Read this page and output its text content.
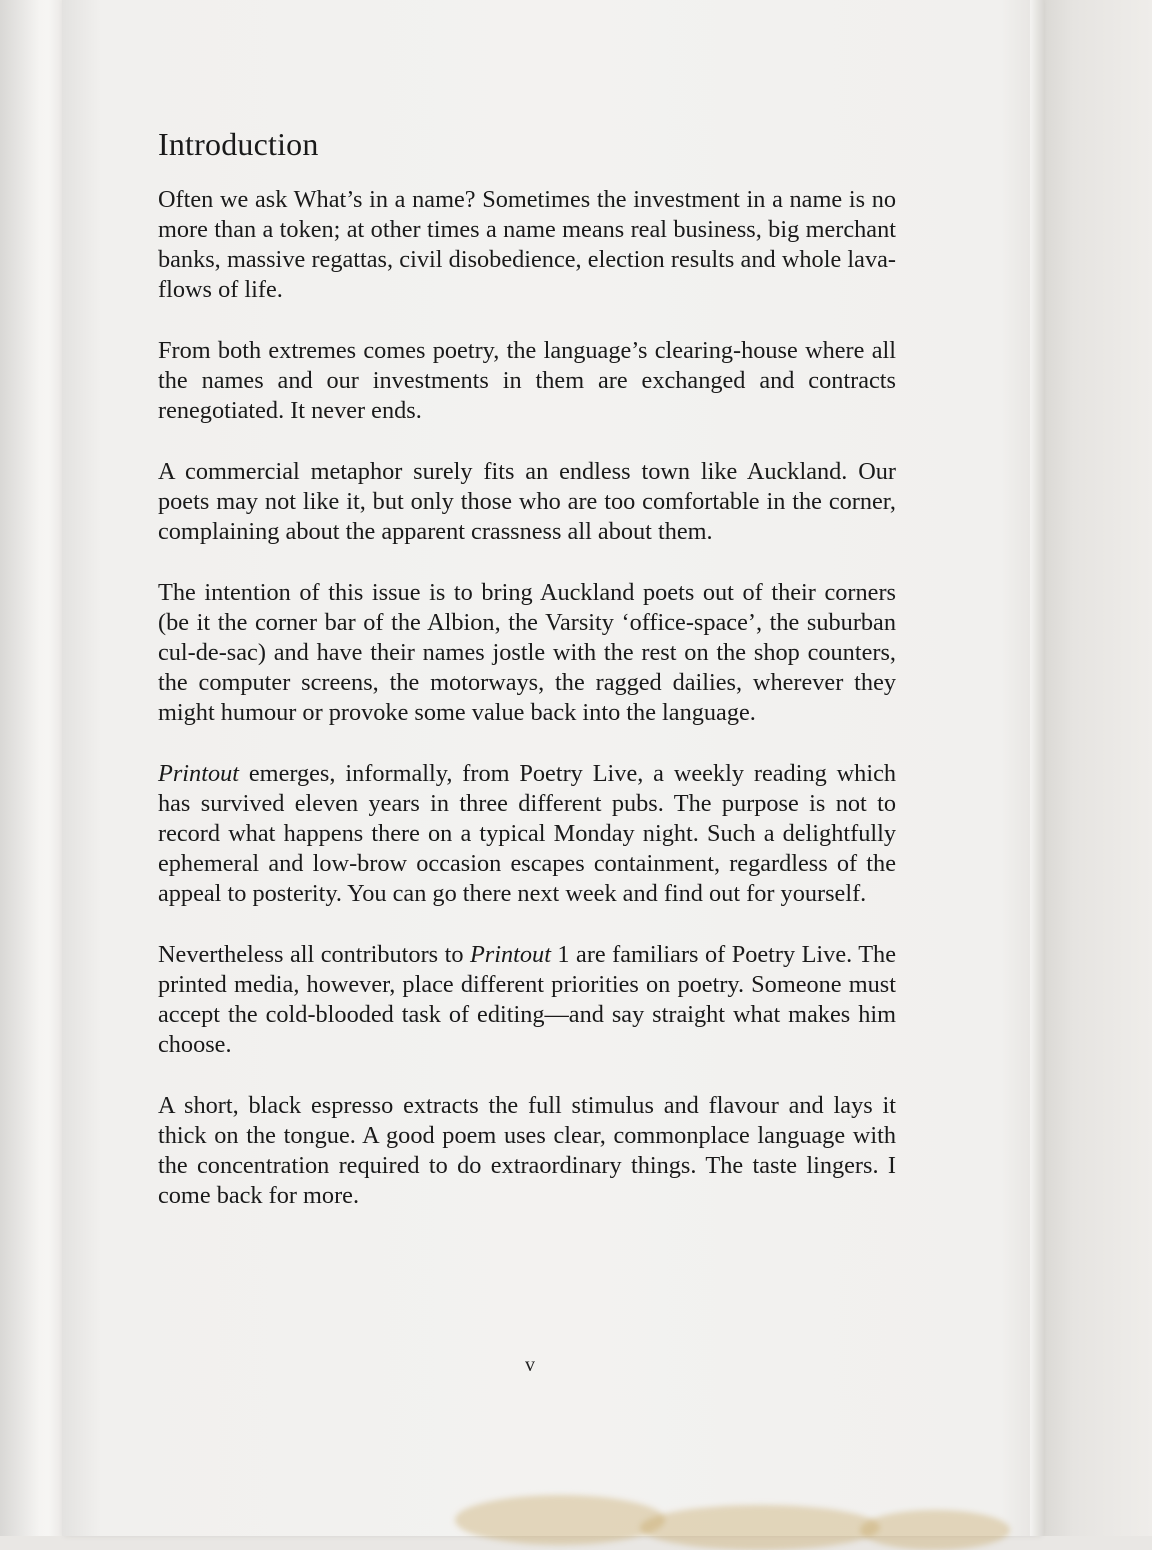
Introduction

Often we ask What’s in a name? Sometimes the investment in a name is no more than a token; at other times a name means real business, big merchant banks, massive regattas, civil disobedience, election results and whole lava-flows of life.

From both extremes comes poetry, the language’s clearing-house where all the names and our investments in them are exchanged and contracts renegotiated. It never ends.

A commercial metaphor surely fits an endless town like Auckland. Our poets may not like it, but only those who are too comfortable in the corner, complaining about the apparent crassness all about them.

The intention of this issue is to bring Auckland poets out of their corners (be it the corner bar of the Albion, the Varsity ‘office-space’, the suburban cul-de-sac) and have their names jostle with the rest on the shop counters, the computer screens, the motorways, the ragged dailies, wherever they might humour or provoke some value back into the language.

Printout emerges, informally, from Poetry Live, a weekly reading which has survived eleven years in three different pubs. The purpose is not to record what happens there on a typical Monday night. Such a delightfully ephemeral and low-brow occasion escapes containment, regardless of the appeal to posterity. You can go there next week and find out for yourself.

Nevertheless all contributors to Printout 1 are familiars of Poetry Live. The printed media, however, place different priorities on poetry. Someone must accept the cold-blooded task of editing—and say straight what makes him choose.

A short, black espresso extracts the full stimulus and flavour and lays it thick on the tongue. A good poem uses clear, commonplace language with the concentration required to do extraordinary things. The taste lingers. I come back for more.

v
